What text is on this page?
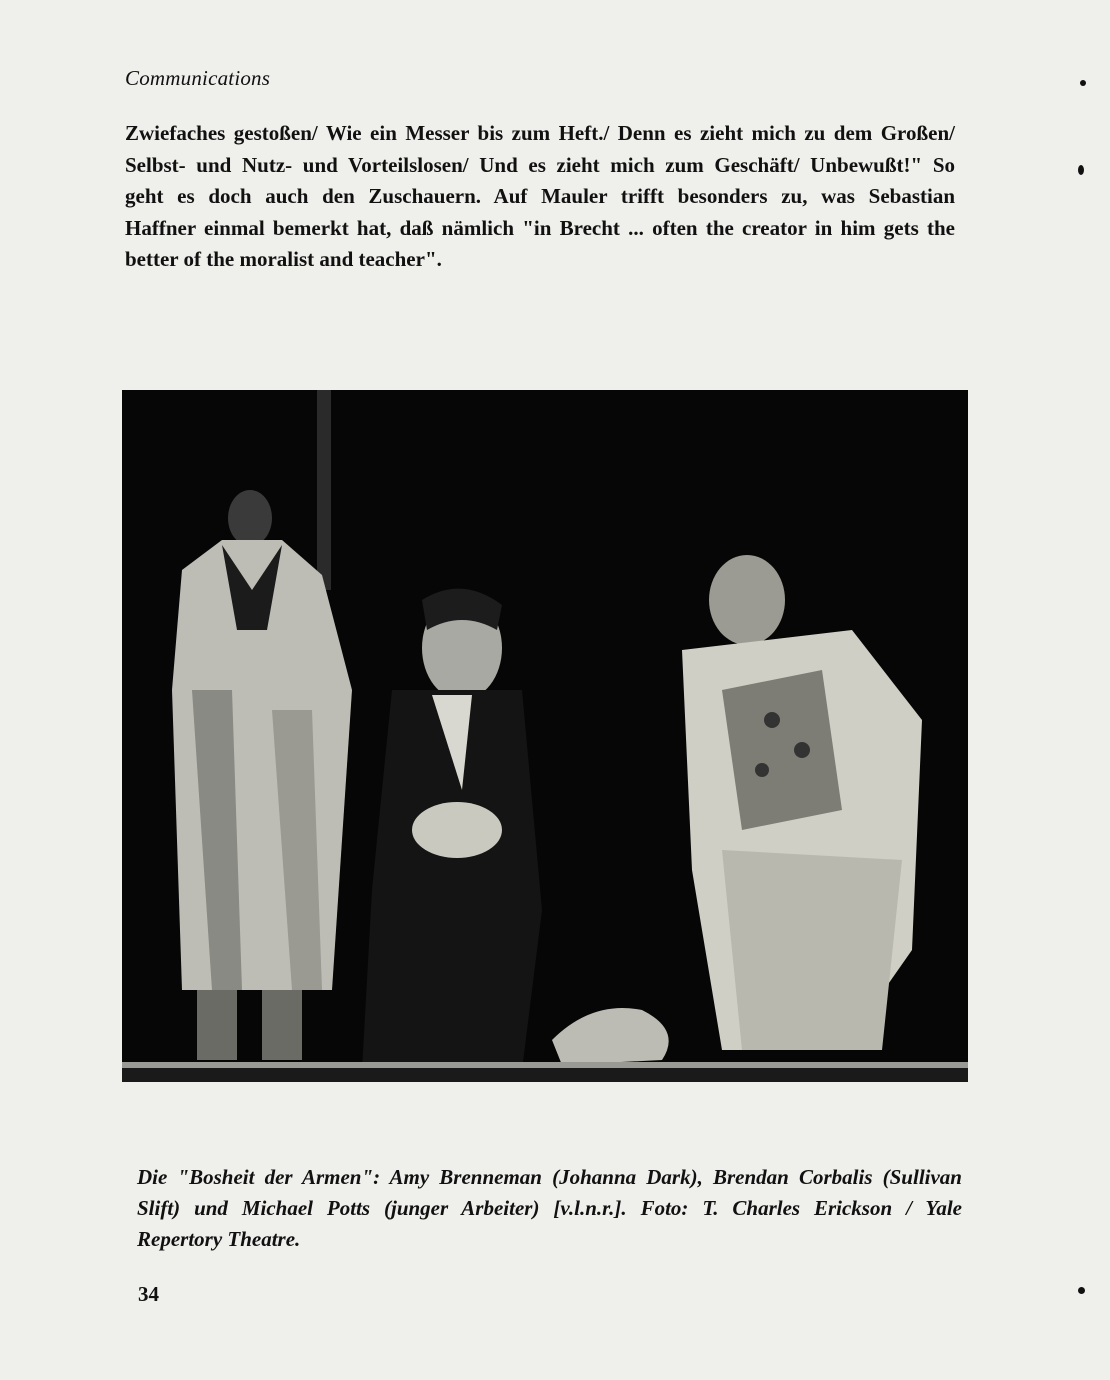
Communications
Zwiefaches gestoßen/ Wie ein Messer bis zum Heft./ Denn es zieht mich zu dem Großen/
Selbst- und Nutz- und Vorteilslosen/ Und es zieht mich zum Geschäft/ Unbewußt!" So
geht es doch auch den Zuschauern. Auf Mauler trifft besonders zu, was Sebastian
Haffner einmal bemerkt hat, daß nämlich "in Brecht ... often the creator in him gets the
better of the moralist and teacher".
Die "Bosheit der Armen": Amy Brenneman (Johanna Dark), Brendan Corbalis (Sullivan
Slift) und Michael Potts (junger Arbeiter) [v.l.n.r.]. Foto: T. Charles Erickson / Yale
Repertory Theatre.
34
